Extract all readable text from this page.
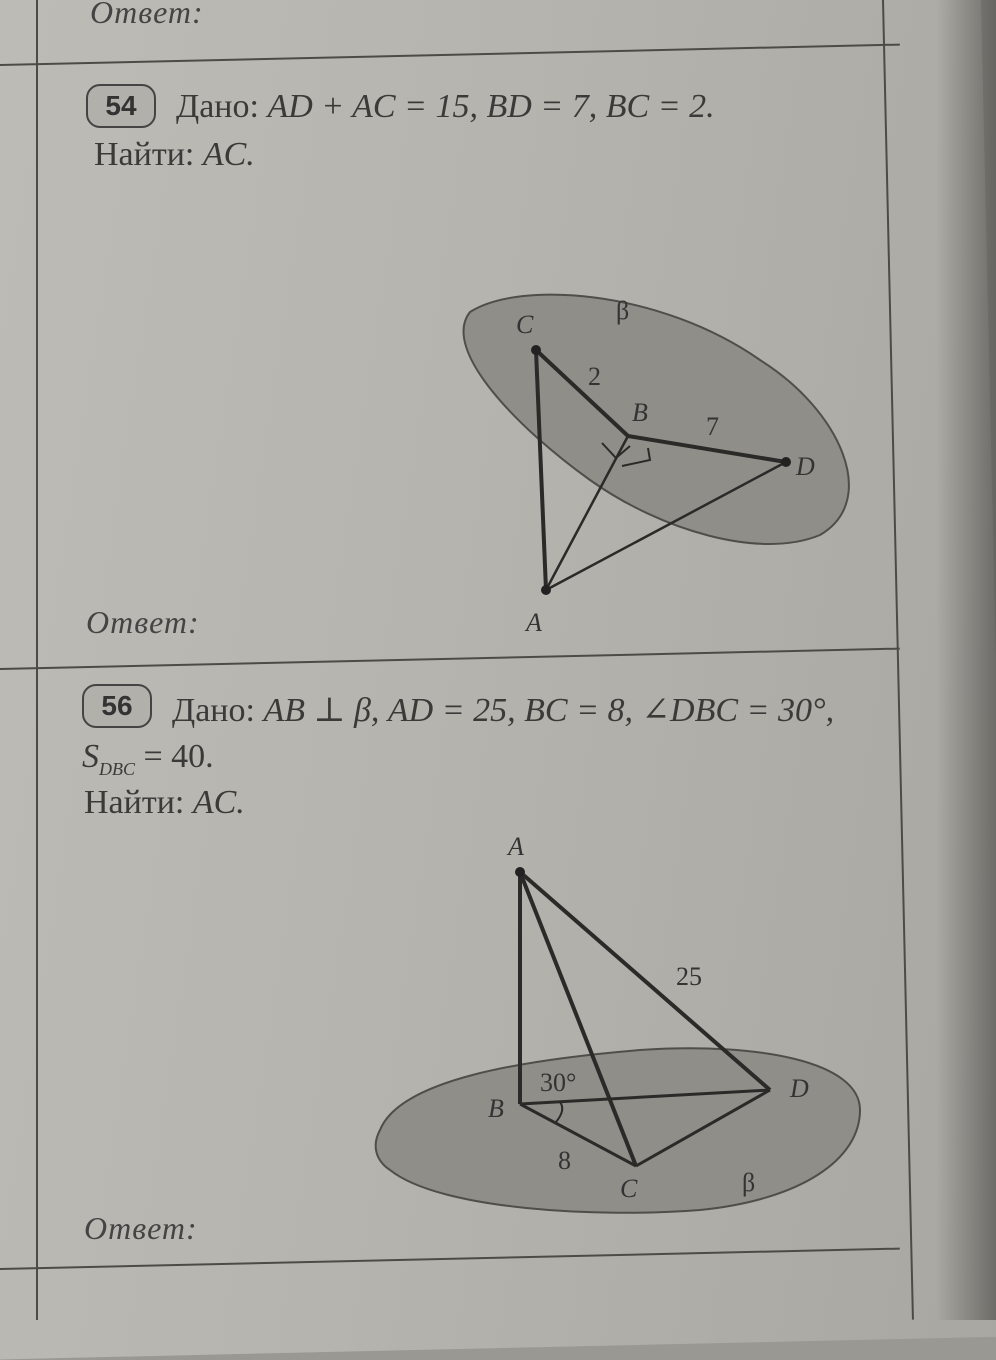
Ответ:
54	Дано: AD + AC = 15, BD = 7, BC = 2.
Найти: AC.
Ответ:
C	β
2
B 7
D
A
56	Дано: AB ⊥ β, AD = 25, BC = 8, ∠DBC = 30°,
$S_{DBC} = 40$.
Найти: AC.
A
25
30°
B
D
8
C	β
Ответ:
